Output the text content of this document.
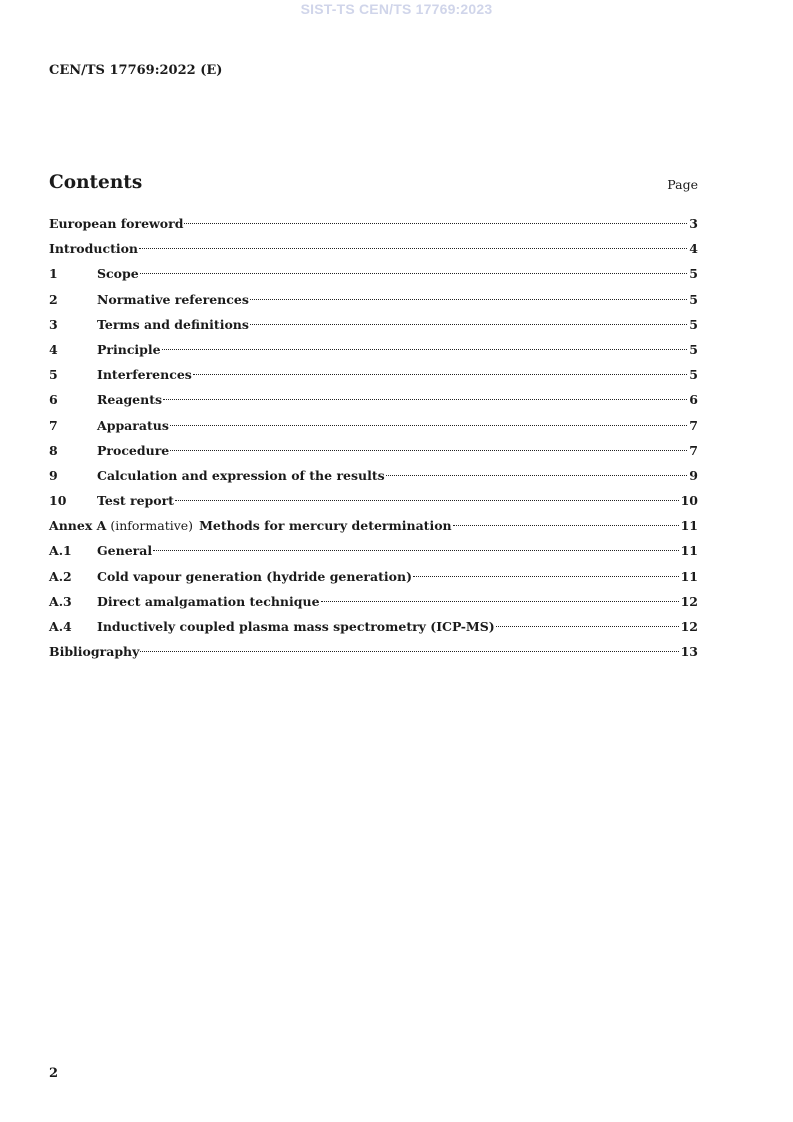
SIST-TS CEN/TS 17769:2023
CEN/TS 17769:2022 (E)
Contents	Page
European foreword	3
Introduction	4
1	Scope	5
2	Normative references	5
3	Terms and definitions	5
4	Principle	5
5	Interferences	5
6	Reagents	6
7	Apparatus	7
8	Procedure	7
9	Calculation and expression of the results	9
10	Test report	10
Annex A (informative) Methods for mercury determination	11
A.1	General	11
A.2	Cold vapour generation (hydride generation)	11
A.3	Direct amalgamation technique	12
A.4	Inductively coupled plasma mass spectrometry (ICP-MS)	12
Bibliography	13
2
